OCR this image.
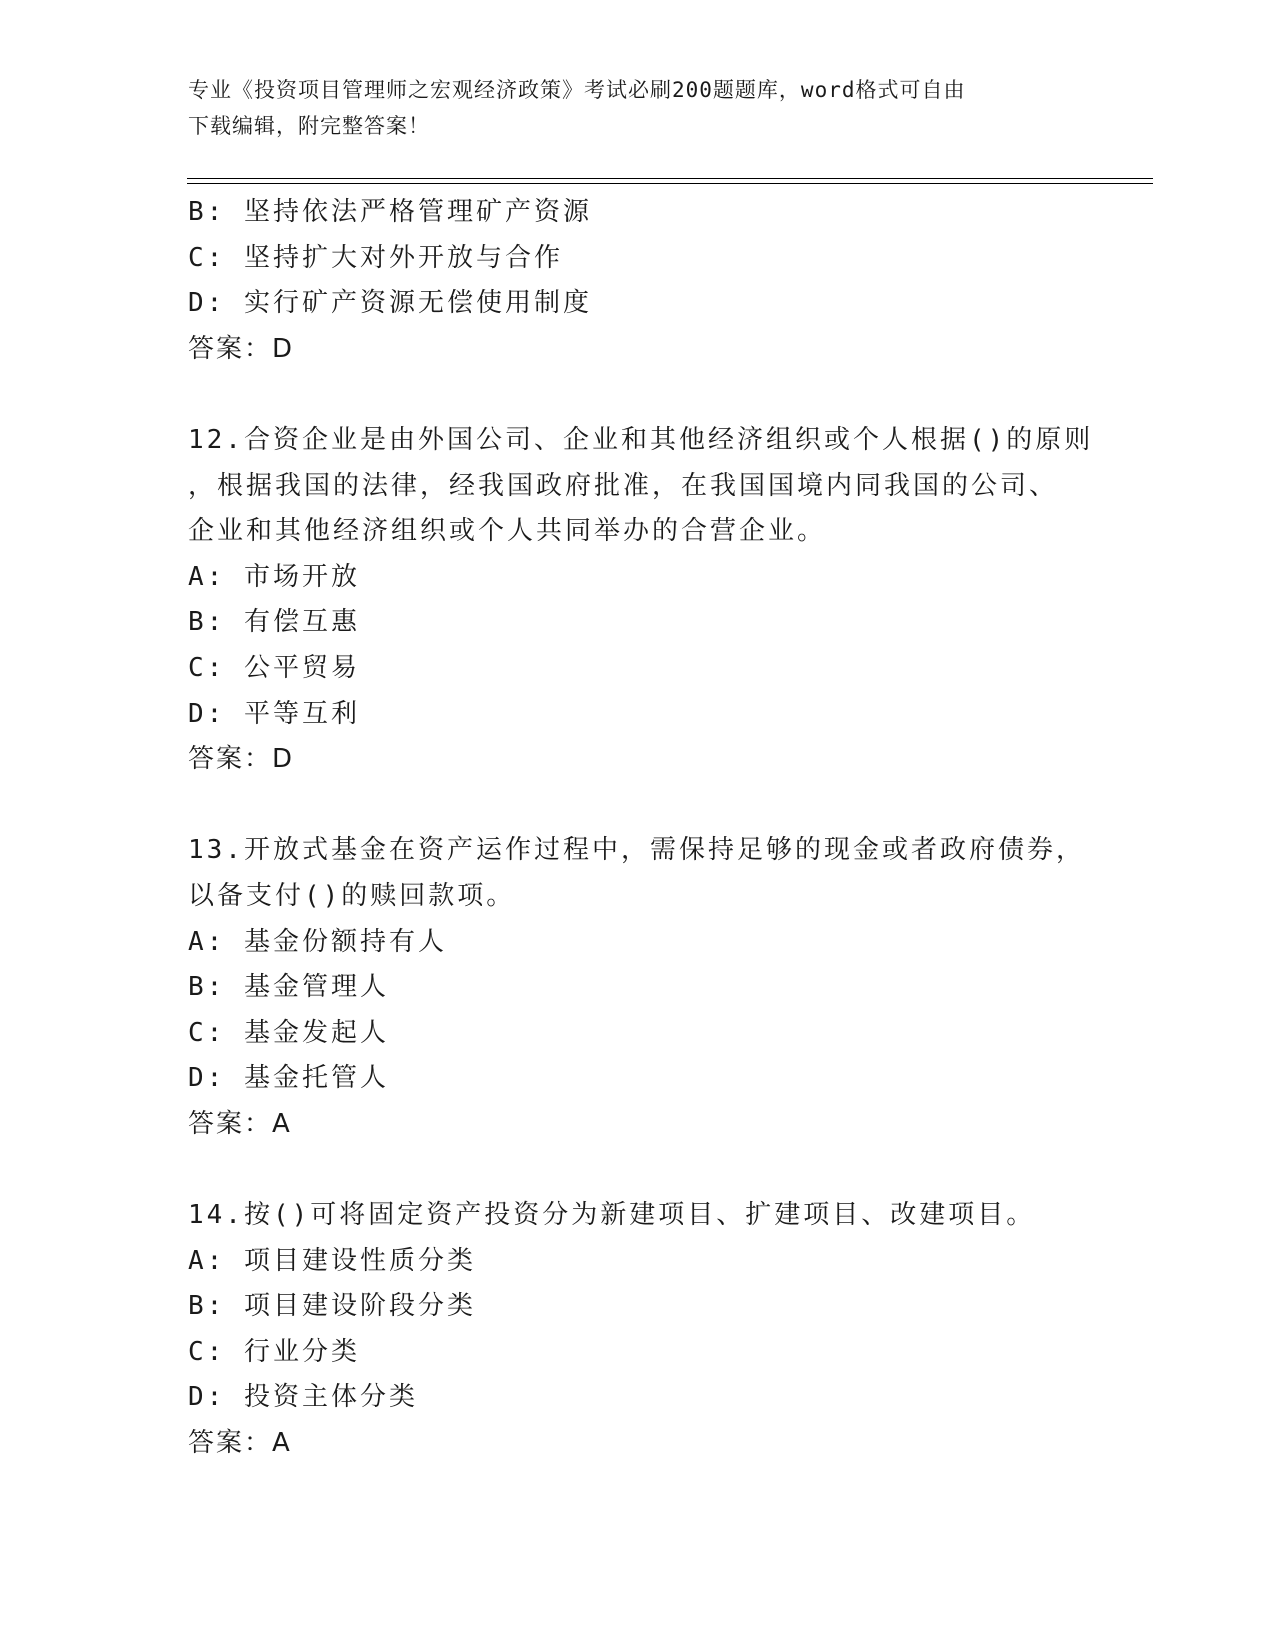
专业《投资项目管理师之宏观经济政策》考试必刷200题题库，word格式可自由
下载编辑，附完整答案！
B: 坚持依法严格管理矿产资源
C: 坚持扩大对外开放与合作
D: 实行矿产资源无偿使用制度
答案：D
12.合资企业是由外国公司、企业和其他经济组织或个人根据()的原则
，根据我国的法律，经我国政府批准，在我国国境内同我国的公司、
企业和其他经济组织或个人共同举办的合营企业。
A: 市场开放
B: 有偿互惠
C: 公平贸易
D: 平等互利
答案：D
13.开放式基金在资产运作过程中，需保持足够的现金或者政府债券，
以备支付()的赎回款项。
A: 基金份额持有人
B: 基金管理人
C: 基金发起人
D: 基金托管人
答案：A
14.按()可将固定资产投资分为新建项目、扩建项目、改建项目。
A: 项目建设性质分类
B: 项目建设阶段分类
C: 行业分类
D: 投资主体分类
答案：A
